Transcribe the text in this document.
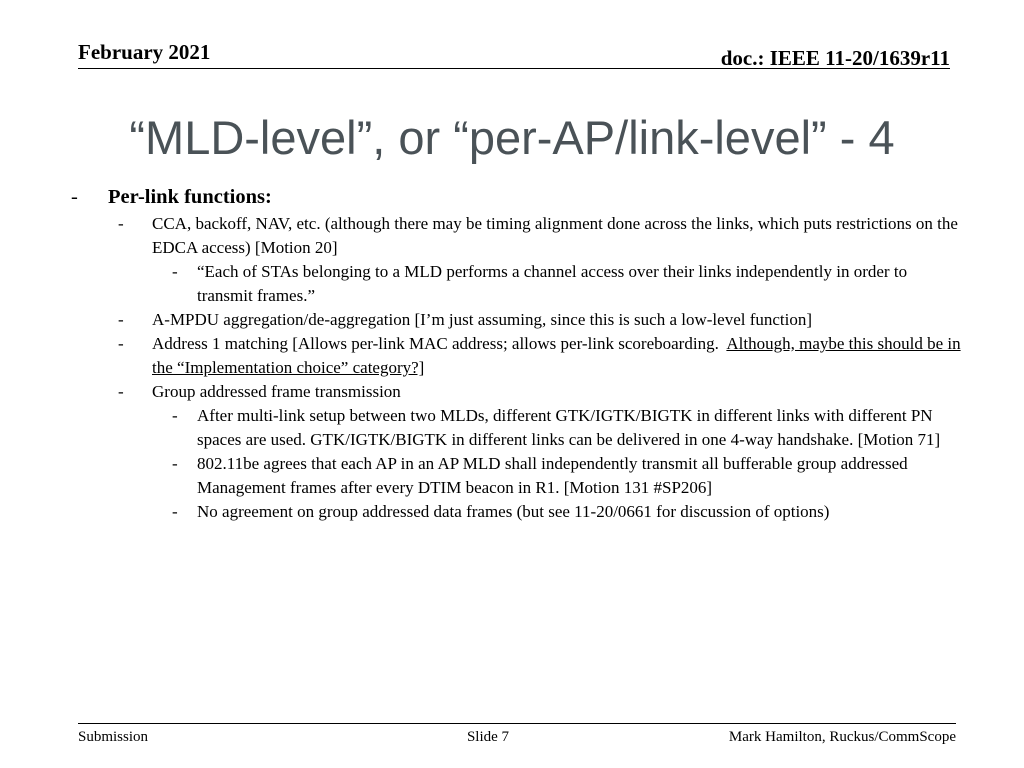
February 2021	doc.: IEEE 11-20/1639r11
“MLD-level”, or “per-AP/link-level” - 4
- Per-link functions:
- CCA, backoff, NAV, etc. (although there may be timing alignment done across the links, which puts restrictions on the EDCA access) [Motion 20]
- “Each of STAs belonging to a MLD performs a channel access over their links independently in order to transmit frames.”
- A-MPDU aggregation/de-aggregation [I’m just assuming, since this is such a low-level function]
- Address 1 matching [Allows per-link MAC address; allows per-link scoreboarding.  Although, maybe this should be in the “Implementation choice” category?]
- Group addressed frame transmission
- After multi-link setup between two MLDs, different GTK/IGTK/BIGTK in different links with different PN spaces are used. GTK/IGTK/BIGTK in different links can be delivered in one 4-way handshake. [Motion 71]
- 802.11be agrees that each AP in an AP MLD shall independently transmit all bufferable group addressed Management frames after every DTIM beacon in R1. [Motion 131 #SP206]
- No agreement on group addressed data frames (but see 11-20/0661 for discussion of options)
Submission	Slide 7	Mark Hamilton, Ruckus/CommScope
